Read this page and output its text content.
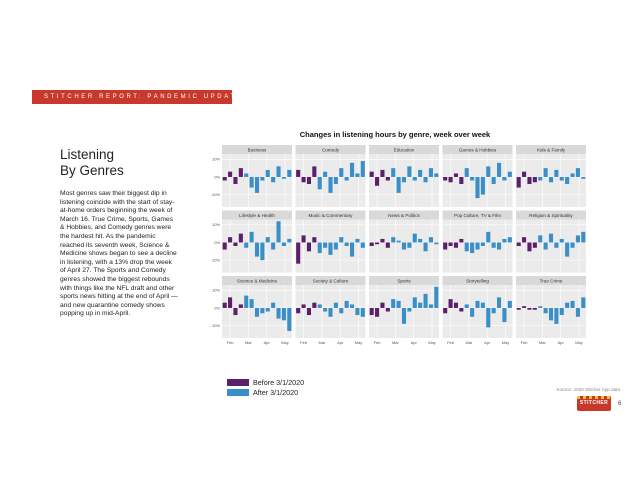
STITCHER REPORT: PANDEMIC UPDATE
Listening
By Genres
Most genres saw their biggest dip in listening coincide with the start of stay-at-home orders beginning the week of March 16. True Crime, Sports, Games & Hobbies, and Comedy genres were the hardest hit. As the pandemic reached its seventh week, Science & Medicine shows began to see a decline in listening, with a 13% drop the week of April 27. The Sports and Comedy genres showed the biggest rebounds with things like the NFL draft and other sports news hitting at the end of April — and new quarantine comedy shows popping up in mid-April.
Changes in listening hours by genre, week over week
Business
10%
0%
-10%
Comedy	Education	Games & Hobbies	Kids & Family
Lifestyle & Health
10%
0%
-10%
Music & Commentary	News & Politics	Pop Culture, TV & Film	Religion & Spirituality
Science & Medicine
10%
0%
-10%
Feb	Mar	Apr	May
Society & Culture
Feb	Mar	Apr	May
Sports
Feb	Mar	Apr	May
Storytelling
Feb	Mar	Apr	May
True Crime
Feb	Mar	Apr	May
Before 3/1/2020
After 3/1/2020	Source: 2020 Stitcher App data
STITCHER	6
